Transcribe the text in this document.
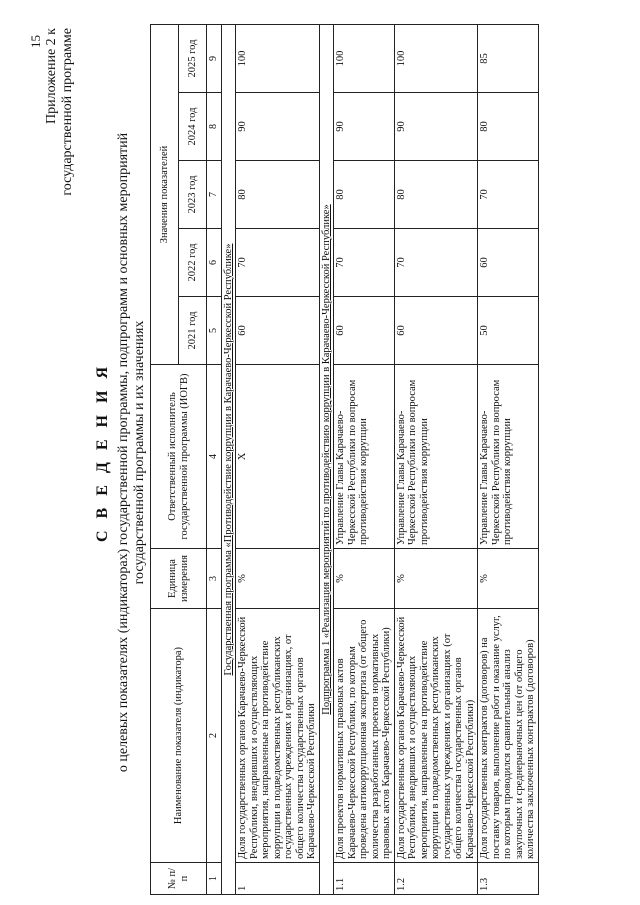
15 Приложение 2 к государственной программе
С В Е Д Е Н И Я о целевых показателях (индикаторах) государственной программы, подпрограмм и основных мероприятий государственной программы и их значениях
№ п/п	Наименование показателя (индикатора)	Единица измерения	Ответственный исполнитель государственной программы (ИОГВ)	Значения показателей				
				2021 год	2022 год	2023 год	2024 год	2025 год
1	2	3	4	5	6	7	8	9
Государственная программа «Противодействие коррупции в Карачаево-Черкесской Республике»								
1	Доля государственных органов Карачаево-Черкесской Республики, внедривших и осуществляющих мероприятия, направленные на противодействие коррупции в подведомственных республиканских государственных учреждениях и организациях, от общего количества государственных органов Карачаево-Черкесской Республики	%	X	60	70	80	90	100
Подпрограмма 1 «Реализация мероприятий по противодействию коррупции в Карачаево-Черкесской Республике»								
1.1	Доля проектов нормативных правовых актов Карачаево-Черкесской Республики, по которым проведена антикоррупционная экспертиза (от общего количества разработанных проектов нормативных правовых актов Карачаево-Черкесской Республики)	%	Управление Главы Карачаево-Черкесской Республики по вопросам противодействия коррупции	60	70	80	90	100
1.2	Доля государственных органов Карачаево-Черкесской Республики, внедривших и осуществляющих мероприятия, направленные на противодействие коррупции в подведомственных республиканских государственных учреждениях и организациях (от общего количества государственных органов Карачаево-Черкесской Республики)	%	Управление Главы Карачаево-Черкесской Республики по вопросам противодействия коррупции	60	70	80	90	100
1.3	Доля государственных контрактов (договоров) на поставку товаров, выполнение работ и оказание услуг, по которым проводился сравнительный анализ закупочных и среднерыночных цен (от общего количества заключенных контрактов (договоров)	%	Управление Главы Карачаево-Черкесской Республики по вопросам противодействия коррупции	50	60	70	80	85
